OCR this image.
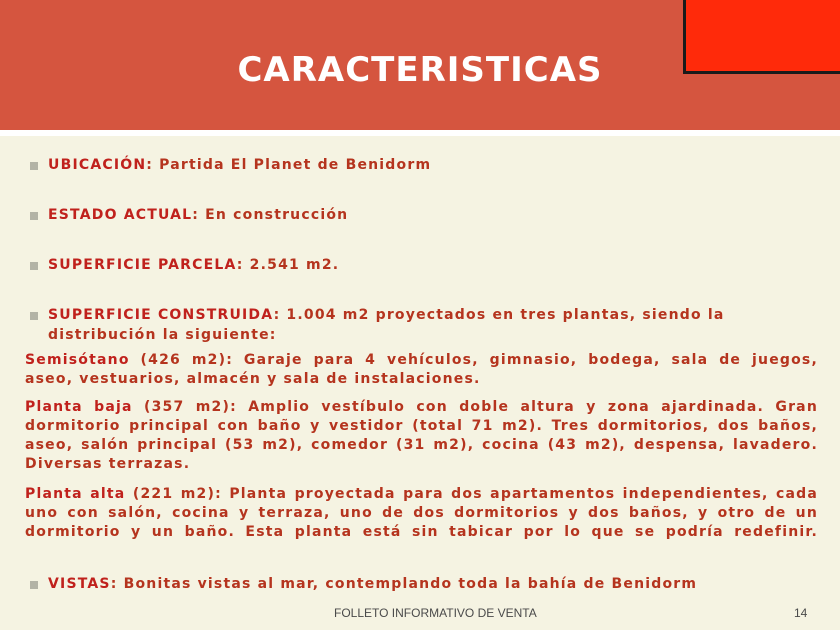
CARACTERISTICAS
UBICACIÓN: Partida El Planet de Benidorm
ESTADO ACTUAL: En construcción
SUPERFICIE PARCELA: 2.541 m2.
SUPERFICIE CONSTRUIDA: 1.004 m2 proyectados en tres plantas, siendo la
distribución la siguiente:
Semisótano (426 m2): Garaje para 4 vehículos, gimnasio, bodega, sala de juegos,
aseo, vestuarios, almacén y sala de instalaciones.
Planta baja (357 m2): Amplio vestíbulo con doble altura y zona ajardinada. Gran
dormitorio principal con baño y vestidor (total 71 m2). Tres dormitorios, dos baños,
aseo, salón principal (53 m2), comedor (31 m2), cocina (43 m2), despensa, lavadero.
Diversas terrazas.
Planta alta (221 m2): Planta proyectada para dos apartamentos independientes, cada
uno con salón, cocina y terraza, uno de dos dormitorios y dos baños, y otro de un
dormitorio y un baño. Esta planta está sin tabicar por lo que se podría redefinir.
VISTAS: Bonitas vistas al mar, contemplando toda la bahía de Benidorm
FOLLETO INFORMATIVO DE VENTA	14
